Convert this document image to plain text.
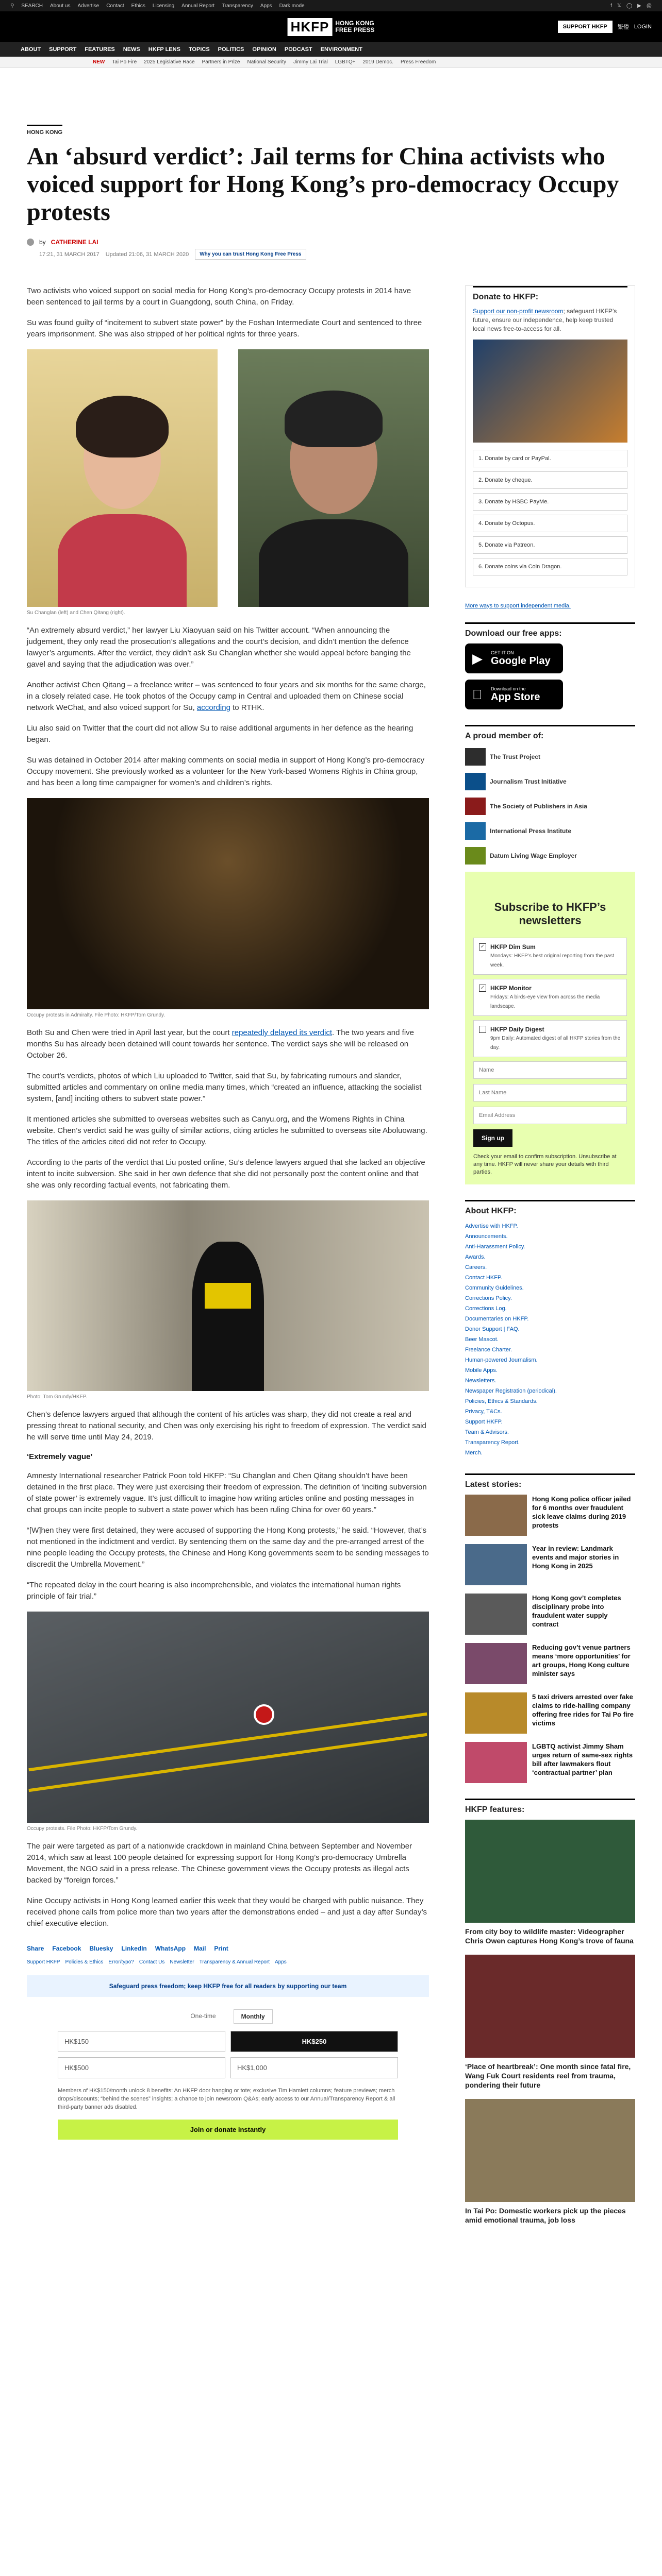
⚲ SEARCH About us Advertise Contact Ethics Licensing Annual Report Transparency Apps Dark mode	f 𝕏 ◯ ▶ @
HKFP	HONG KONG
FREE PRESS	SUPPORT HKFP	繁體 LOGIN
ABOUT SUPPORT FEATURES NEWS HKFP LENS TOPICS POLITICS OPINION PODCAST ENVIRONMENT
NEW Tai Po Fire 2025 Legislative Race Partners in Prize National Security Jimmy Lai Trial LGBTQ+ 2019 Democ. Press Freedom
HONG KONG
An ‘absurd verdict’: Jail terms for China activists who voiced support for Hong Kong’s pro-democracy Occupy protests
by CATHERINE LAI
17:21, 31 MARCH 2017 Updated 21:06, 31 MARCH 2020	Why you can trust Hong Kong Free Press

Two activists who voiced support on social media for Hong Kong’s pro-democracy Occupy protests in 2014 have been sentenced to jail terms by a court in Guangdong, south China, on Friday.

Su was found guilty of “incitement to subvert state power” by the Foshan Intermediate Court and sentenced to three years imprisonment. She was also stripped of her political rights for three years.

Su Changlan (left) and Chen Qitang (right).

“An extremely absurd verdict,” her lawyer Liu Xiaoyuan said on his Twitter account. “When announcing the judgement, they only read the prosecution’s allegations and the court’s decision, and didn’t mention the defence lawyer’s arguments. After the verdict, they didn’t ask Su Changlan whether she would appeal before banging the gavel and saying that the adjudication was over.”

Another activist Chen Qitang – a freelance writer – was sentenced to four years and six months for the same charge, in a closely related case. He took photos of the Occupy camp in Central and uploaded them on Chinese social network WeChat, and also voiced support for Su, according to RTHK.

Liu also said on Twitter that the court did not allow Su to raise additional arguments in her defence as the hearing began.

Su was detained in October 2014 after making comments on social media in support of Hong Kong’s pro-democracy Occupy movement. She previously worked as a volunteer for the New York-based Womens Rights in China group, and has been a long time campaigner for women’s and children’s rights.

Occupy protests in Admiralty. File Photo: HKFP/Tom Grundy.

Both Su and Chen were tried in April last year, but the court repeatedly delayed its verdict. The two years and five months Su has already been detained will count towards her sentence. The verdict says she will be released on October 26.

The court’s verdicts, photos of which Liu uploaded to Twitter, said that Su, by fabricating rumours and slander, submitted articles and commentary on online media many times, which “created an influence, attacking the socialist system, [and] inciting others to subvert state power.”

It mentioned articles she submitted to overseas websites such as Canyu.org, and the Womens Rights in China website. Chen’s verdict said he was guilty of similar actions, citing articles he submitted to overseas site Aboluowang. The titles of the articles cited did not refer to Occupy.

According to the parts of the verdict that Liu posted online, Su’s defence lawyers argued that she lacked an objective intent to incite subversion. She said in her own defence that she did not personally post the content online and that she was only recording factual events, not fabricating them.

Photo: Tom Grundy/HKFP.

Chen’s defence lawyers argued that although the content of his articles was sharp, they did not create a real and pressing threat to national security, and Chen was only exercising his right to freedom of expression. The verdict said he will serve time until May 24, 2019.

‘Extremely vague’

Amnesty International researcher Patrick Poon told HKFP: “Su Changlan and Chen Qitang shouldn’t have been detained in the first place. They were just exercising their freedom of expression. The definition of ‘inciting subversion of state power’ is extremely vague. It’s just difficult to imagine how writing articles online and posting messages in chat groups can incite people to subvert a state power which has been ruling China for over 60 years.”

“[W]hen they were first detained, they were accused of supporting the Hong Kong protests,” he said. “However, that’s not mentioned in the indictment and verdict. By sentencing them on the same day and the pre-arranged arrest of the nine people leading the Occupy protests, the Chinese and Hong Kong governments seem to be sending messages to discredit the Umbrella Movement.”

“The repeated delay in the court hearing is also incomprehensible, and violates the international human rights principle of fair trial.”

Occupy protests. File Photo: HKFP/Tom Grundy.

The pair were targeted as part of a nationwide crackdown in mainland China between September and November 2014, which saw at least 100 people detained for expressing support for Hong Kong’s pro-democracy Umbrella Movement, the NGO said in a press release. The Chinese government views the Occupy protests as illegal acts backed by “foreign forces.”

Nine Occupy activists in Hong Kong learned earlier this week that they would be charged with public nuisance. They received phone calls from police more than two years after the demonstrations ended – and just a day after Sunday’s chief executive election.

Share Facebook Bluesky LinkedIn WhatsApp Mail Print
Support HKFP Policies & Ethics Error/typo? Contact Us Newsletter Transparency & Annual Report Apps
Safeguard press freedom; keep HKFP free for all readers by supporting our team
One-time	Monthly
HK$150	HK$250
HK$500	HK$1,000
Members of HK$150/month unlock 8 benefits: An HKFP door hanging or tote; exclusive Tim Hamlett columns; feature previews; merch drops/discounts; “behind the scenes” insights; a chance to join newsroom Q&As; early access to our Annual/Transparency Report & all third-party banner ads disabled.
Join or donate instantly
Donate to HKFP:
Support our non-profit newsroom; safeguard HKFP’s future, ensure our independence, help keep trusted local news free-to-access for all.
1. Donate by card or PayPal.
2. Donate by cheque.
3. Donate by HSBC PayMe.
4. Donate by Octopus.
5. Donate via Patreon.
6. Donate coins via Coin Dragon.
More ways to support independent media.
Download our free apps:
▶ GET IT ON
Google Play
Download on the
App Store
A proud member of:
The Trust Project
Journalism Trust Initiative
The Society of Publishers in Asia
International Press Institute
Datum Living Wage Employer
Subscribe to HKFP’s newsletters
✓ HKFP Dim Sum
Mondays: HKFP’s best original reporting from the past week.
✓ HKFP Monitor
Fridays: A birds-eye view from across the media landscape.
HKFP Daily Digest
9pm Daily: Automated digest of all HKFP stories from the day.
Name Last Name Email Address Sign up
Check your email to confirm subscription. Unsubscribe at any time. HKFP will never share your details with third parties.
About HKFP:
Advertise with HKFP.
Announcements.
Anti-Harassment Policy.
Awards.
Careers.
Contact HKFP.
Community Guidelines.
Corrections Policy.
Corrections Log.
Documentaries on HKFP.
Donor Support | FAQ.
Beer Mascot.
Freelance Charter.
Human-powered Journalism.
Mobile Apps.
Newsletters.
Newspaper Registration (periodical).
Policies, Ethics & Standards.
Privacy, T&Cs.
Support HKFP.
Team & Advisors.
Transparency Report.
Merch.
Latest stories:
Hong Kong police officer jailed for 6 months over fraudulent sick leave claims during 2019 protests
Year in review: Landmark events and major stories in Hong Kong in 2025
Hong Kong gov’t completes disciplinary probe into fraudulent water supply contract
Reducing gov’t venue partners means ‘more opportunities’ for art groups, Hong Kong culture minister says
5 taxi drivers arrested over fake claims to ride-hailing company offering free rides for Tai Po fire victims
LGBTQ activist Jimmy Sham urges return of same-sex rights bill after lawmakers flout ‘contractual partner’ plan
HKFP features:
From city boy to wildlife master: Videographer Chris Owen captures Hong Kong’s trove of fauna
‘Place of heartbreak’: One month since fatal fire, Wang Fuk Court residents reel from trauma, pondering their future
In Tai Po: Domestic workers pick up the pieces amid emotional trauma, job loss
